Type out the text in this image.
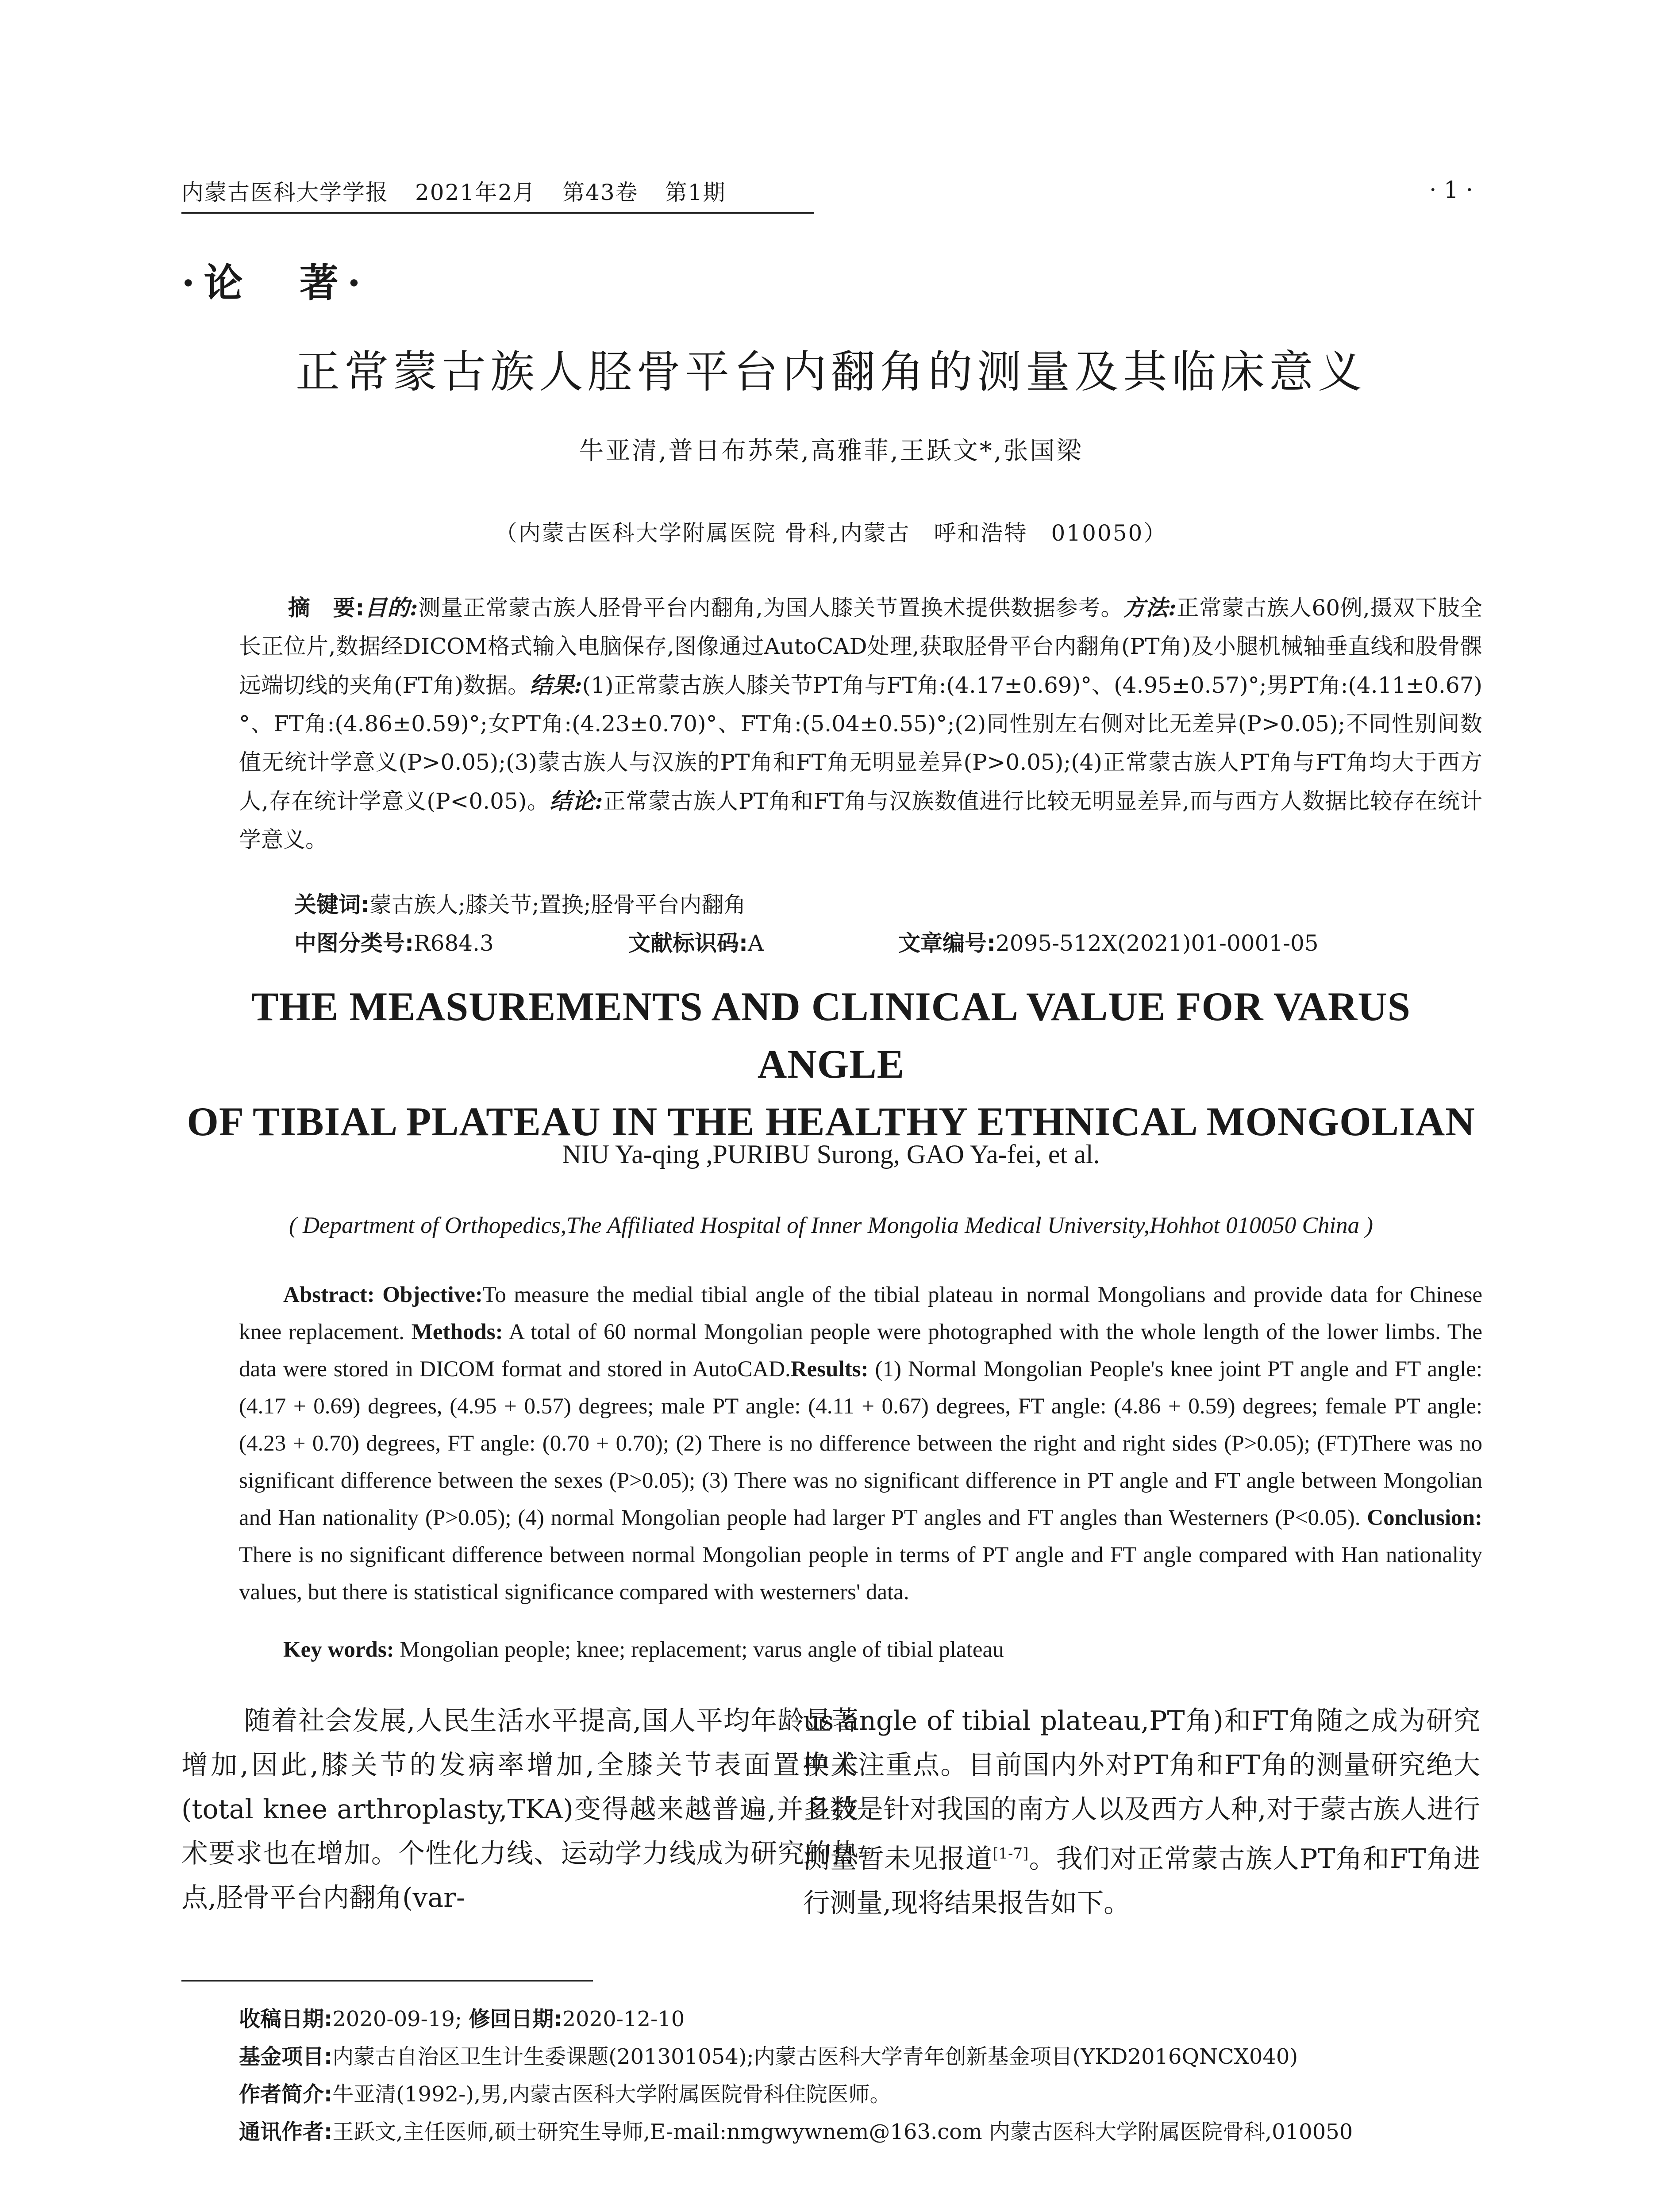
内蒙古医科大学学报 2021年2月 第43卷 第1期	· 1 ·
·论　著·
正常蒙古族人胫骨平台内翻角的测量及其临床意义
牛亚清,普日布苏荣,高雅菲,王跃文*,张国梁
（内蒙古医科大学附属医院 骨科,内蒙古　呼和浩特　010050）
摘　要:目的:测量正常蒙古族人胫骨平台内翻角,为国人膝关节置换术提供数据参考。方法:正常蒙古族人60例,摄双下肢全长正位片,数据经DICOM格式输入电脑保存,图像通过AutoCAD处理,获取胫骨平台内翻角(PT角)及小腿机械轴垂直线和股骨髁远端切线的夹角(FT角)数据。结果:(1)正常蒙古族人膝关节PT角与FT角:(4.17±0.69)°、(4.95±0.57)°;男PT角:(4.11±0.67)°、FT角:(4.86±0.59)°;女PT角:(4.23±0.70)°、FT角:(5.04±0.55)°;(2)同性别左右侧对比无差异(P>0.05);不同性别间数值无统计学意义(P>0.05);(3)蒙古族人与汉族的PT角和FT角无明显差异(P>0.05);(4)正常蒙古族人PT角与FT角均大于西方人,存在统计学意义(P<0.05)。结论:正常蒙古族人PT角和FT角与汉族数值进行比较无明显差异,而与西方人数据比较存在统计学意义。
关键词:蒙古族人;膝关节;置换;胫骨平台内翻角
中图分类号:R684.3	文献标识码:A	文章编号:2095-512X(2021)01-0001-05
THE MEASUREMENTS AND CLINICAL VALUE FOR VARUS ANGLE
OF TIBIAL PLATEAU IN THE HEALTHY ETHNICAL MONGOLIAN
NIU Ya-qing ,PURIBU Surong, GAO Ya-fei, et al.
( Department of Orthopedics,The Affiliated Hospital of Inner Mongolia Medical University,Hohhot 010050 China )
Abstract: Objective:To measure the medial tibial angle of the tibial plateau in normal Mongolians and provide data for Chinese knee replacement. Methods: A total of 60 normal Mongolian people were photographed with the whole length of the lower limbs. The data were stored in DICOM format and stored in AutoCAD.Results: (1) Normal Mongolian People's knee joint PT angle and FT angle: (4.17 + 0.69) degrees, (4.95 + 0.57) degrees; male PT angle: (4.11 + 0.67) degrees, FT angle: (4.86 + 0.59) degrees; female PT angle: (4.23 + 0.70) degrees, FT angle: (0.70 + 0.70); (2) There is no difference between the right and right sides (P>0.05); (FT)There was no significant difference between the sexes (P>0.05); (3) There was no significant difference in PT angle and FT angle between Mongolian and Han nationality (P>0.05); (4) normal Mongolian people had larger PT angles and FT angles than Westerners (P<0.05). Conclusion: There is no significant difference between normal Mongolian people in terms of PT angle and FT angle compared with Han nationality values, but there is statistical significance compared with westerners' data.
Key words: Mongolian people; knee; replacement; varus angle of tibial plateau
随着社会发展,人民生活水平提高,国人平均年龄显著增加,因此,膝关节的发病率增加,全膝关节表面置换术(total knee arthroplasty,TKA)变得越来越普遍,并且技术要求也在增加。个性化力线、运动学力线成为研究的热点,胫骨平台内翻角(var-
us angle of tibial plateau,PT角)和FT角随之成为研究中关注重点。目前国内外对PT角和FT角的测量研究绝大多数是针对我国的南方人以及西方人种,对于蒙古族人进行测量暂未见报道[1-7]。我们对正常蒙古族人PT角和FT角进行测量,现将结果报告如下。
收稿日期:2020-09-19; 修回日期:2020-12-10
基金项目:内蒙古自治区卫生计生委课题(201301054);内蒙古医科大学青年创新基金项目(YKD2016QNCX040)
作者简介:牛亚清(1992-),男,内蒙古医科大学附属医院骨科住院医师。
通讯作者:王跃文,主任医师,硕士研究生导师,E-mail:nmgwywnem@163.com 内蒙古医科大学附属医院骨科,010050
